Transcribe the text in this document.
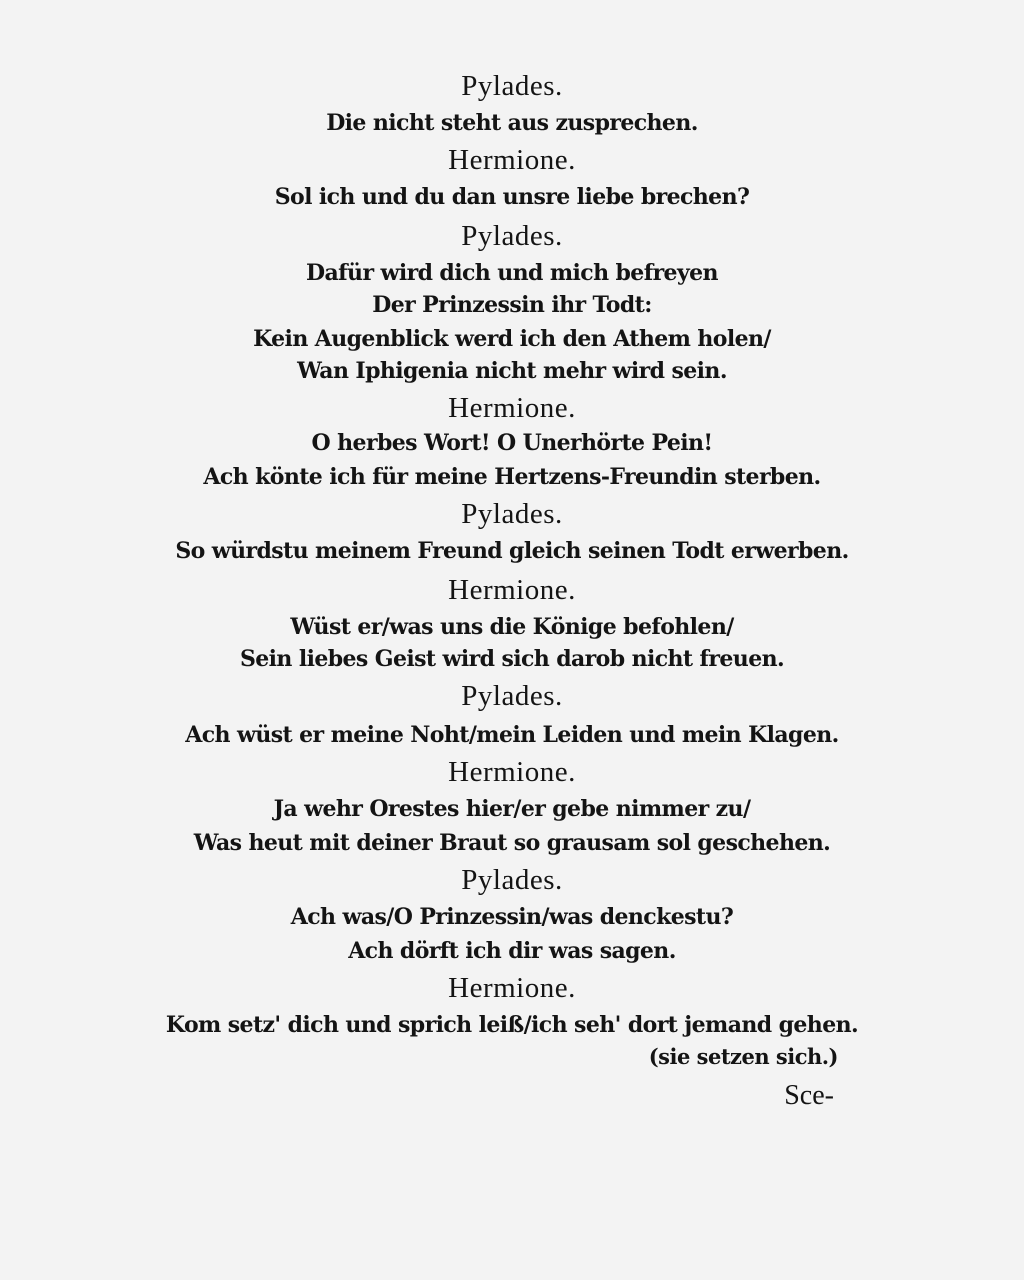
Pylades.
Die nicht steht aus zusprechen.
Hermione.
Sol ich und du dan unsre liebe brechen?
Pylades.
Dafür wird dich und mich befreyen
Der Prinzessin ihr Todt:
Kein Augenblick werd ich den Athem holen/
Wan Iphigenia nicht mehr wird sein.
Hermione.
O herbes Wort! O Unerhörte Pein!
Ach könte ich für meine Hertzens-Freundin sterben.
Pylades.
So würdstu meinem Freund gleich seinen Todt erwerben.
Hermione.
Wüst er/was uns die Könige befohlen/
Sein liebes Geist wird sich darob nicht freuen.
Pylades.
Ach wüst er meine Noht/mein Leiden und mein Klagen.
Hermione.
Ja wehr Orestes hier/er gebe nimmer zu/
Was heut mit deiner Braut so grausam sol geschehen.
Pylades.
Ach was/O Prinzessin/was denckestu?
Ach dörft ich dir was sagen.
Hermione.
Kom setz' dich und sprich leiß/ich seh' dort jemand gehen.
(sie setzen sich.)
Sce-
